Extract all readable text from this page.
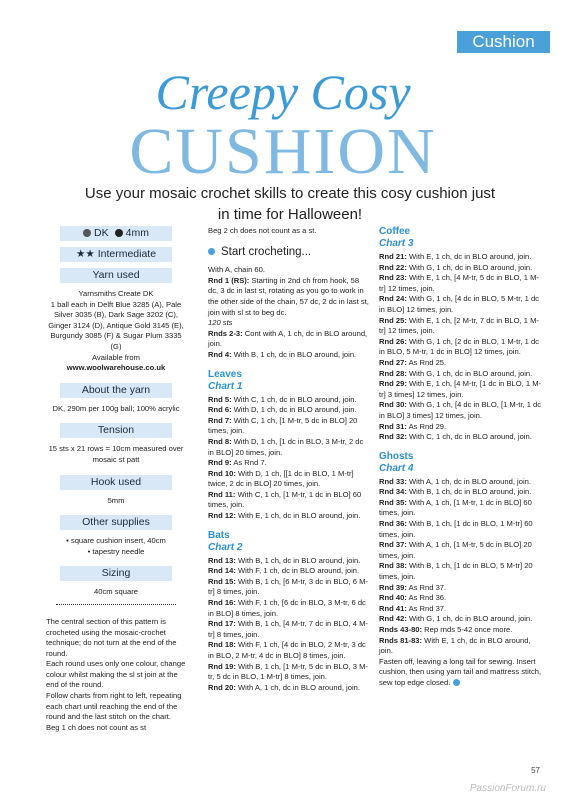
Cushion
Creepy Cosy
CUSHION
Use your mosaic crochet skills to create this cosy cushion just in time for Halloween!
DK	4mm
★★ Intermediate
Yarn used
Yarnsmiths Create DK
1 ball each in Delft Blue 3285 (A), Pale Silver 3035 (B), Dark Sage 3202 (C), Ginger 3124 (D), Antique Gold 3145 (E), Burgundy 3085 (F) & Sugar Plum 3335 (G)
Available from
www.woolwarehouse.co.uk
About the yarn
DK, 290m per 100g ball; 100% acrylic
Tension
15 sts x 21 rows = 10cm measured over mosaic st patt
Hook used
5mm
Other supplies
• square cushion insert, 40cm
• tapestry needle
Sizing
40cm square

The central section of this pattern is crocheted using the mosaic-crochet technique; do not turn at the end of the round.

Each round uses only one colour, change colour whilst making the sl st join at the end of the round.

Follow charts from right to left, repeating each chart until reaching the end of the round and the last stitch on the chart.

Beg 1 ch does not count as st

Beg 2 ch does not count as a st.
Start crocheting...
With A, chain 60.
Rnd 1 (RS): Starting in 2nd ch from hook, 58 dc, 3 dc in last st, rotating as you go to work in the other side of the chain, 57 dc, 2 dc in last st, join with sl st to beg dc.
120 sts
Rnds 2-3: Cont with A, 1 ch, dc in BLO around, join.
Rnd 4: With B, 1 ch, dc in BLO around, join.
Leaves
Chart 1
Rnd 5: With C, 1 ch, dc in BLO around, join.
Rnd 6: With D, 1 ch, dc in BLO around, join.
Rnd 7: With C, 1 ch, [1 M-tr, 5 dc in BLO] 20 times, join.
Rnd 8: With D, 1 ch, [1 dc in BLO, 3 M-tr, 2 dc in BLO] 20 times, join.
Rnd 9: As Rnd 7.
Rnd 10: With D, 1 ch, [[1 dc in BLO, 1 M-tr] twice, 2 dc in BLO] 20 times, join.
Rnd 11: With C, 1 ch, [1 M-tr, 1 dc in BLO] 60 times, join.
Rnd 12: With E, 1 ch, dc in BLO around, join.
Bats
Chart 2
Rnd 13: With B, 1 ch, dc in BLO around, join.
Rnd 14: With F, 1 ch, dc in BLO around, join.
Rnd 15: With B, 1 ch, [6 M-tr, 3 dc in BLO, 6 M-tr] 8 times, join.
Rnd 16: With F, 1 ch, [6 dc in BLO, 3 M-tr, 6 dc in BLO] 8 times, join.
Rnd 17: With B, 1 ch, [4 M-tr, 7 dc in BLO, 4 M-tr] 8 times, join.
Rnd 18: With F, 1 ch, [4 dc in BLO, 2 M-tr, 3 dc in BLO, 2 M-tr, 4 dc in BLO] 8 times, join.
Rnd 19: With B, 1 ch, [1 M-tr, 5 dc in BLO, 3 M-tr, 5 dc in BLO, 1 M-tr] 8 times, join.
Rnd 20: With A, 1 ch, dc in BLO around, join.
Coffee
Chart 3
Rnd 21: With E, 1 ch, dc in BLO around, join.
Rnd 22: With G, 1 ch, dc in BLO around, join.
Rnd 23: With E, 1 ch, [4 M-tr, 5 dc in BLO, 1 M-tr] 12 times, join.
Rnd 24: With G, 1 ch, [4 dc in BLO, 5 M-tr, 1 dc in BLO] 12 times, join.
Rnd 25: With E, 1 ch, [2 M-tr, 7 dc in BLO, 1 M-tr] 12 times, join.
Rnd 26: With G, 1 ch, [2 dc in BLO, 1 M-tr, 1 dc in BLO, 5 M-tr, 1 dc in BLO] 12 times, join.
Rnd 27: As Rnd 25.
Rnd 28: With G, 1 ch, dc in BLO around, join.
Rnd 29: With E, 1 ch, [4 M-tr, [1 dc in BLO, 1 M-tr] 3 times] 12 times, join.
Rnd 30: With G, 1 ch, [4 dc in BLO, [1 M-tr, 1 dc in BLO] 3 times] 12 times, join.
Rnd 31: As Rnd 29.
Rnd 32: With C, 1 ch, dc in BLO around, join.
Ghosts
Chart 4
Rnd 33: With A, 1 ch, dc in BLO around, join.
Rnd 34: With B, 1 ch, dc in BLO around, join.
Rnd 35: With A, 1 ch, [1 M-tr, 1 dc in BLO] 60 times, join.
Rnd 36: With B, 1 ch, [1 dc in BLO, 1 M-tr] 60 times, join.
Rnd 37: With A, 1 ch, [1 M-tr, 5 dc in BLO] 20 times, join.
Rnd 38: With B, 1 ch, [1 dc in BLO, 5 M-tr] 20 times, join.
Rnd 39: As Rnd 37.
Rnd 40: As Rnd 36.
Rnd 41: As Rnd 37.
Rnd 42: With G, 1 ch, dc in BLO around, join.
Rnds 43-80: Rep rnds 5-42 once more.
Rnds 81-83: With E, 1 ch, dc in BLO around, join.
Fasten off, leaving a long tail for sewing. Insert cushion, then using yarn tail and mattress stitch, sew top edge closed.
57
PassionForum.ru
